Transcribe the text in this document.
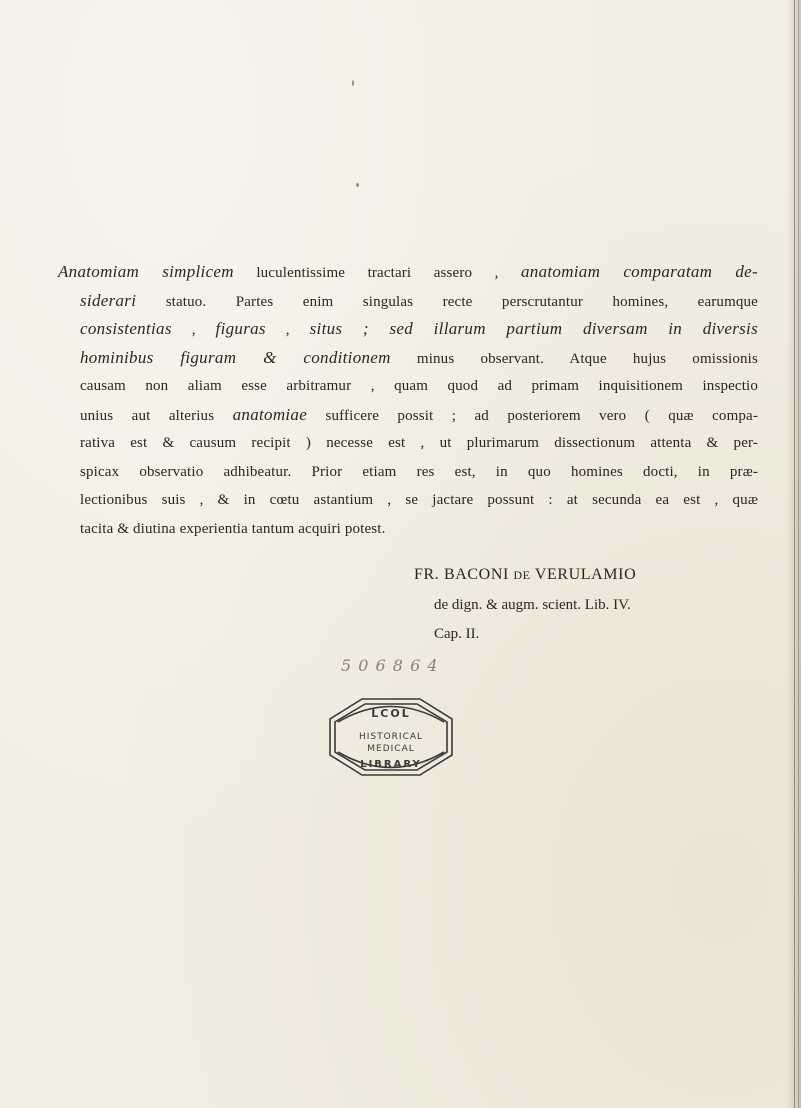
Anatomiam simplicem luculentissime tractari assero , anatomiam comparatam de-
siderari statuo. Partes enim singulas recte perscrutantur homines, earumque
consistentias , figuras , situs ; sed illarum partium diversam in diversis
hominibus figuram & conditionem minus observant. Atque hujus omissionis
causam non aliam esse arbitramur , quam quod ad primam inquisitionem inspectio
unius aut alterius anatomiae sufficere possit ; ad posteriorem vero ( quæ compa-
rativa est & causum recipit ) necesse est , ut plurimarum dissectionum attenta & per-
spicax observatio adhibeatur. Prior etiam res est, in quo homines docti, in præ-
lectionibus suis , & in cœtu astantium , se jactare possunt : at secunda ea est , quæ
tacita & diutina experientia tantum acquiri potest.
FR. BACONI DE VERULAMIO
de dign. & augm. scient. Lib. IV.
Cap. II.
5 0 6 8 6 4
LCOL
HISTORICAL
MEDICAL
LIBRARY
